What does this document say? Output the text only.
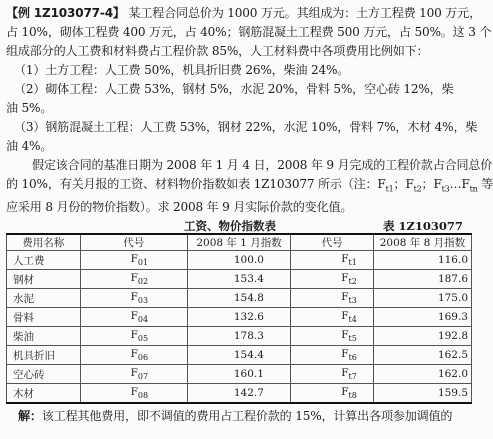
【例 1Z103077-4】 某工程合同总价为 1000 万元。其组成为：土方工程费 100 万元，
占 10%，砌体工程费 400 万元，占 40%；钢筋混凝土工程费 500 万元，占 50%。这 3 个
组成部分的人工费和材料费占工程价款 85%，人工材料费中各项费用比例如下：
（1）土方工程：人工费 50%，机具折旧费 26%，柴油 24%。
（2）砌体工程：人工费 53%，钢材 5%，水泥 20%，骨料 5%，空心砖 12%，柴
油 5%。
（3）钢筋混凝土工程：人工费 53%，钢材 22%，水泥 10%，骨料 7%，木材 4%，柴
油 4%。
假定该合同的基准日期为 2008 年 1 月 4 日，2008 年 9 月完成的工程价款占合同总价
的 10%，有关月报的工资、材料物价指数如表 1Z103077 所示（注：$F_{t1}$；$F_{t2}$；$F_{t3}\dots F_{tn}$ 等
应采用 8 月份的物价指数）。求 2008 年 9 月实际价款的变化值。
工资、物价指数表	表 1Z103077
费用名称	代号	2008 年 1 月指数	代号	2008 年 8 月指数
人工费	$F_{01}$	100.0	$F_{t1}$	116.0
钢材	$F_{02}$	153.4	$F_{t2}$	187.6
水泥	$F_{03}$	154.8	$F_{t3}$	175.0
骨料	$F_{04}$	132.6	$F_{t4}$	169.3
柴油	$F_{05}$	178.3	$F_{t5}$	192.8
机具折旧	$F_{06}$	154.4	$F_{t6}$	162.5
空心砖	$F_{07}$	160.1	$F_{t7}$	162.0
木材	$F_{08}$	142.7	$F_{t8}$	159.5
解：该工程其他费用，即不调值的费用占工程价款的 15%，计算出各项参加调值的
